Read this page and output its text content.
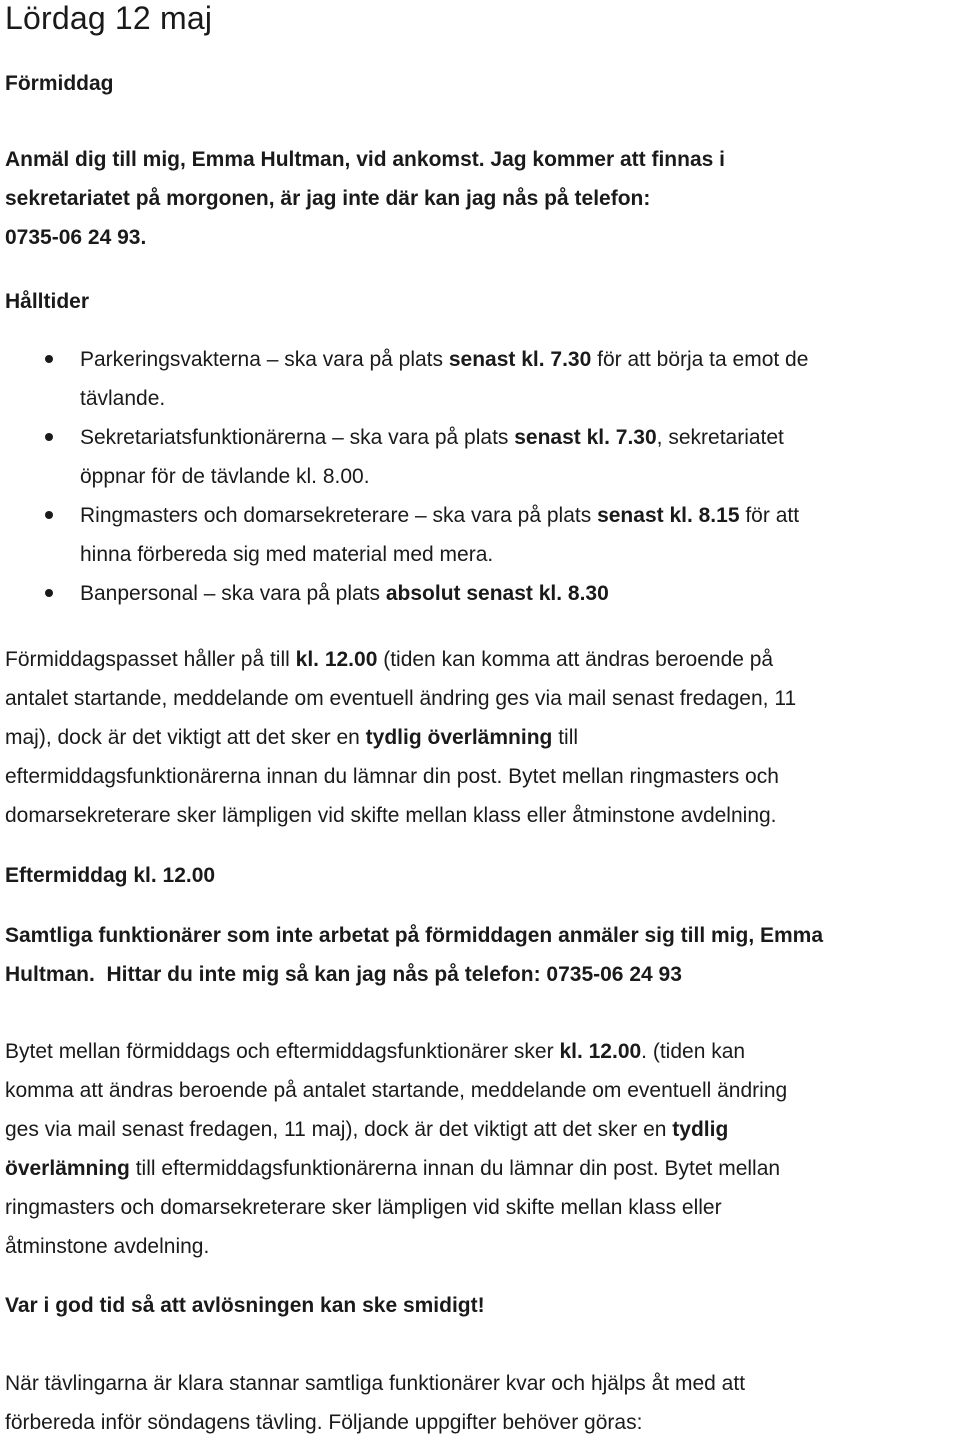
Lördag 12 maj

Förmiddag

Anmäl dig till mig, Emma Hultman, vid ankomst. Jag kommer att finnas i
sekretariatet på morgonen, är jag inte där kan jag nås på telefon:
0735-06 24 93.

Hålltider

Parkeringsvakterna – ska vara på plats senast kl. 7.30 för att börja ta emot de
tävlande.
Sekretariatsfunktionärerna – ska vara på plats senast kl. 7.30, sekretariatet
öppnar för de tävlande kl. 8.00.
Ringmasters och domarsekreterare – ska vara på plats senast kl. 8.15 för att
hinna förbereda sig med material med mera.
Banpersonal – ska vara på plats absolut senast kl. 8.30
Förmiddagspasset håller på till kl. 12.00 (tiden kan komma att ändras beroende på
antalet startande, meddelande om eventuell ändring ges via mail senast fredagen, 11
maj), dock är det viktigt att det sker en tydlig överlämning till
eftermiddagsfunktionärerna innan du lämnar din post. Bytet mellan ringmasters och
domarsekreterare sker lämpligen vid skifte mellan klass eller åtminstone avdelning.

Eftermiddag kl. 12.00

Samtliga funktionärer som inte arbetat på förmiddagen anmäler sig till mig, Emma
Hultman.  Hittar du inte mig så kan jag nås på telefon: 0735-06 24 93
Bytet mellan förmiddags och eftermiddagsfunktionärer sker kl. 12.00. (tiden kan
komma att ändras beroende på antalet startande, meddelande om eventuell ändring
ges via mail senast fredagen, 11 maj), dock är det viktigt att det sker en tydlig
överlämning till eftermiddagsfunktionärerna innan du lämnar din post. Bytet mellan
ringmasters och domarsekreterare sker lämpligen vid skifte mellan klass eller
åtminstone avdelning.

Var i god tid så att avlösningen kan ske smidigt!

När tävlingarna är klara stannar samtliga funktionärer kvar och hjälps åt med att
förbereda inför söndagens tävling. Följande uppgifter behöver göras:
